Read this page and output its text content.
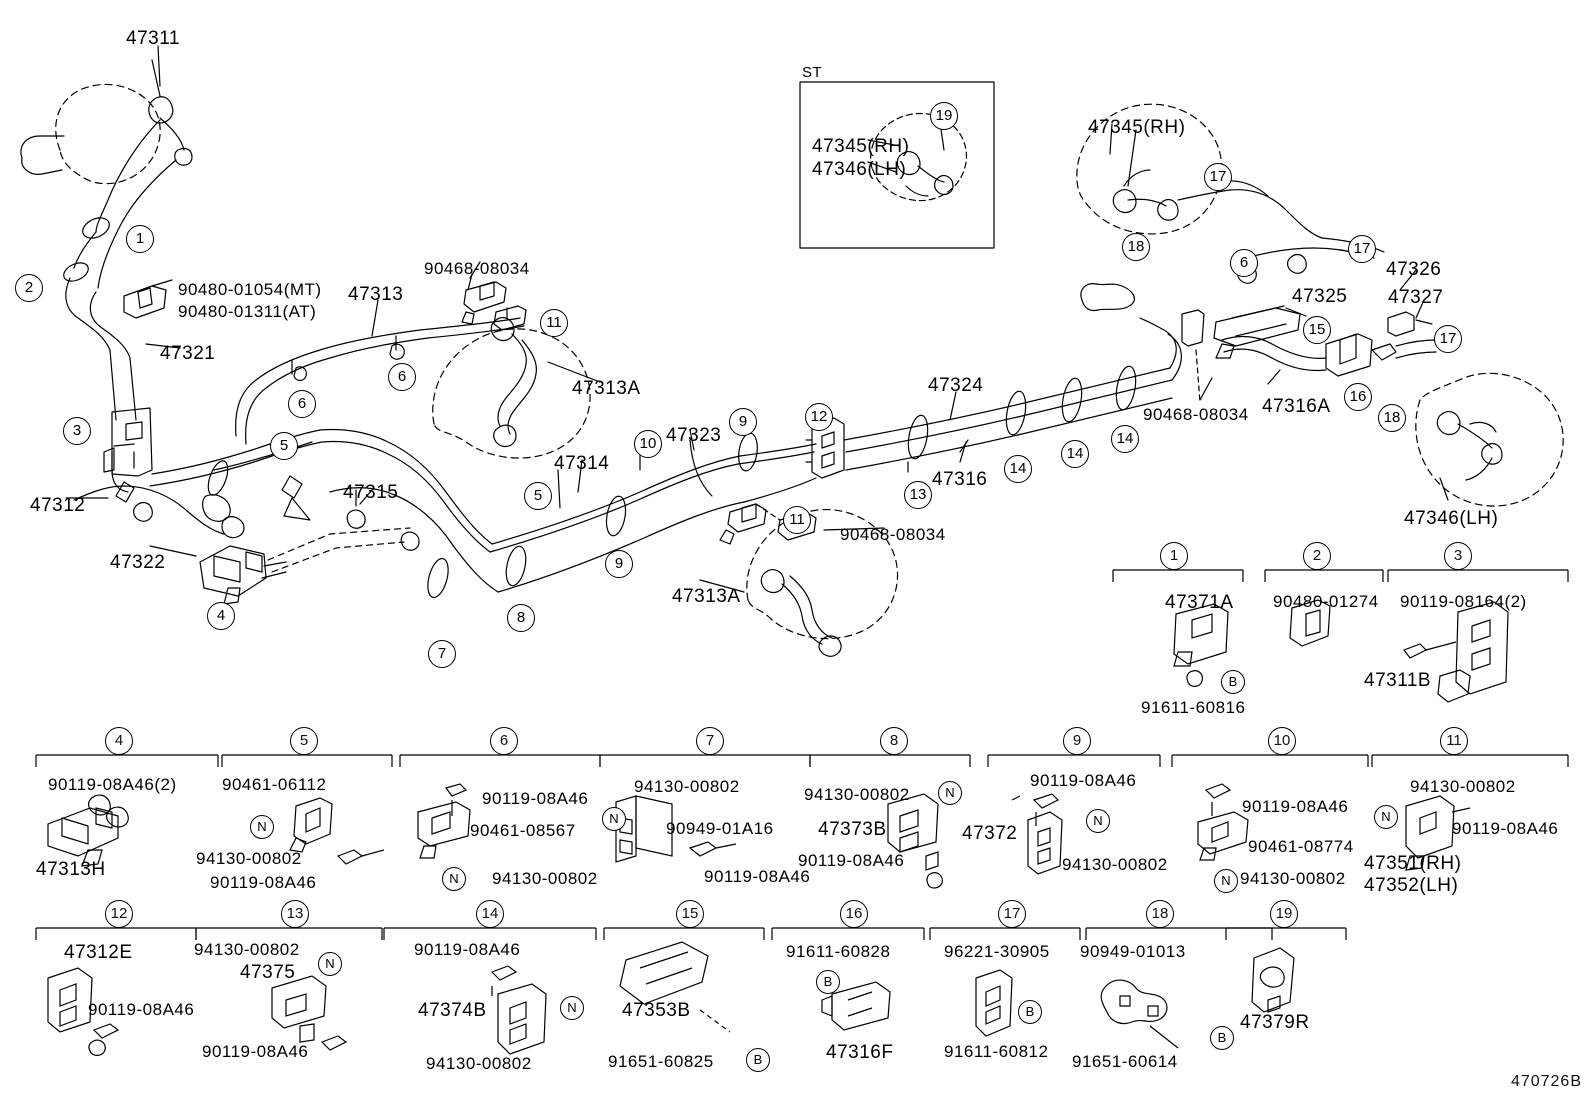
47311
90480-01054(MT)
90480-01311(AT)
47321
47313
90468-08034
47313A
47312
47322
47315
47314
47323
47313A
90468-08034
47324
47316
90468-08034 47316A
47345(RH)
47345(RH)
47346(LH)
47326
47325 47327
47346(LH)
ST
1
2
3
4
5
5
6
6
6
7
8
9
9
10
11
11
12
13
14
14
14
15
16
17
17
17
18
18
19
1
47371A
91611-60816
B
2
90480-01274
3
90119-08164(2)
47311B
4
90119-08A46(2)
47313H
5
90461-06112
94130-00802
90119-08A46
N
6
90119-08A46
90461-08567
94130-00802
N
7
94130-00802
90949-01A16
90119-08A46
N
8
94130-00802
47373B
90119-08A46
N
9
90119-08A46
47372
94130-00802
N
10
90119-08A46
90461-08774
94130-00802
N
11
94130-00802
90119-08A46
47351(RH)
47352(LH)
N
12
47312E
90119-08A46
13
94130-00802
47375
90119-08A46
N
14
90119-08A46
47374B
94130-00802
N
15
47353B
91651-60825	B
16
91611-60828
47316F
B
17
96221-30905
91611-60812
B
18
90949-01013
91651-60614
B
19
47379R
470726B
